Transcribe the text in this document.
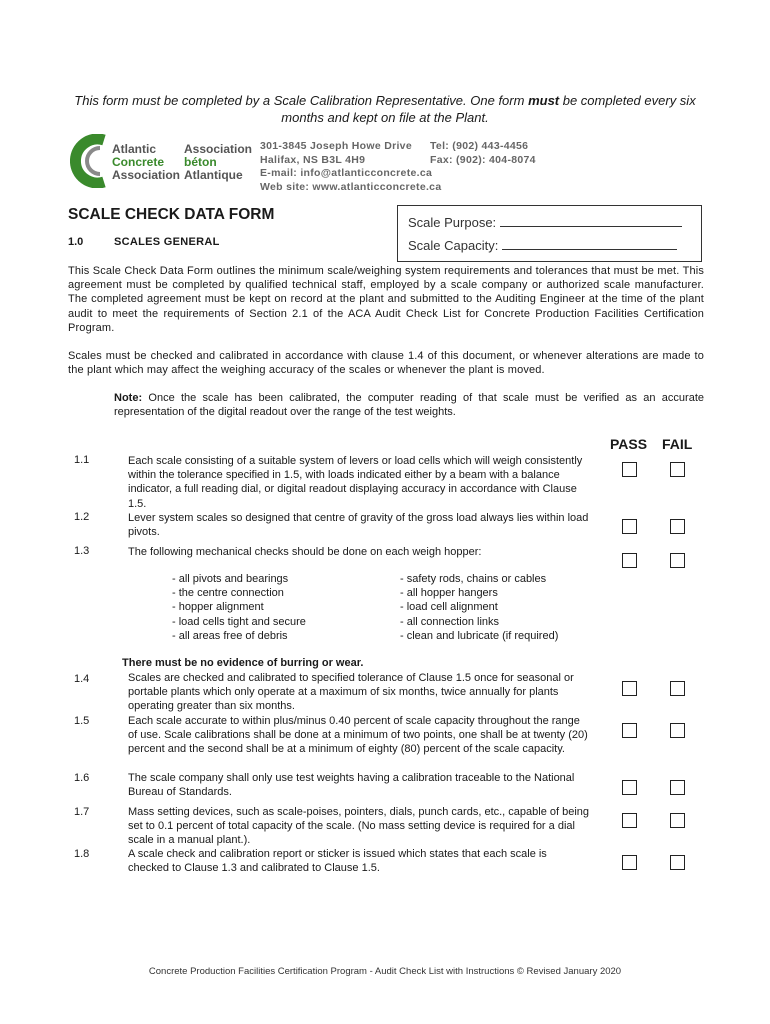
This form must be completed by a Scale Calibration Representative. One form must be completed every six months and kept on file at the Plant.
Atlantic
Concrete
Association
Association
béton
Atlantique
301-3845 Joseph Howe Drive
Halifax, NS B3L 4H9
E-mail: info@atlanticconcrete.ca
Web site: www.atlanticconcrete.ca
Tel: (902) 443-4456
Fax: (902): 404-8074
SCALE CHECK DATA FORM
1.0	SCALES GENERAL
Scale Purpose:
Scale Capacity:
This Scale Check Data Form outlines the minimum scale/weighing system requirements and tolerances that must be met. This agreement must be completed by qualified technical staff, employed by a scale company or authorized scale manufacturer. The completed agreement must be kept on record at the plant and submitted to the Auditing Engineer at the time of the plant audit to meet the requirements of Section 2.1 of the ACA Audit Check List for Concrete Production Facilities Certification Program.
Scales must be checked and calibrated in accordance with clause 1.4 of this document, or whenever alterations are made to the plant which may affect the weighing accuracy of the scales or whenever the plant is moved.
Note: Once the scale has been calibrated, the computer reading of that scale must be verified as an accurate representation of the digital readout over the range of the test weights.
PASS FAIL
1.1	Each scale consisting of a suitable system of levers or load cells which will weigh consistently within the tolerance specified in 1.5, with loads indicated either by a beam with a balance indicator, a full reading dial, or digital readout displaying accuracy in accordance with Clause 1.5.
1.2	Lever system scales so designed that centre of gravity of the gross load always lies within load pivots.
1.3	The following mechanical checks should be done on each weigh hopper:
- all pivots and bearings
- the centre connection
- hopper alignment
- load cells tight and secure
- all areas free of debris
- safety rods, chains or cables
- all hopper hangers
- load cell alignment
- all connection links
- clean and lubricate (if required)
There must be no evidence of burring or wear.
1.4	Scales are checked and calibrated to specified tolerance of Clause 1.5 once for seasonal or portable plants which only operate at a maximum of six months, twice annually for plants operating greater than six months.
1.5	Each scale accurate to within plus/minus 0.40 percent of scale capacity throughout the range of use. Scale calibrations shall be done at a minimum of two points, one shall be at twenty (20) percent and the second shall be at a minimum of eighty (80) percent of the scale capacity.
1.6	The scale company shall only use test weights having a calibration traceable to the National Bureau of Standards.
1.7	Mass setting devices, such as scale-poises, pointers, dials, punch cards, etc., capable of being set to 0.1 percent of total capacity of the scale. (No mass setting device is required for a dial scale in a manual plant.).
1.8	A scale check and calibration report or sticker is issued which states that each scale is checked to Clause 1.3 and calibrated to Clause 1.5.
Concrete Production Facilities Certification Program - Audit Check List with Instructions © Revised January 2020
